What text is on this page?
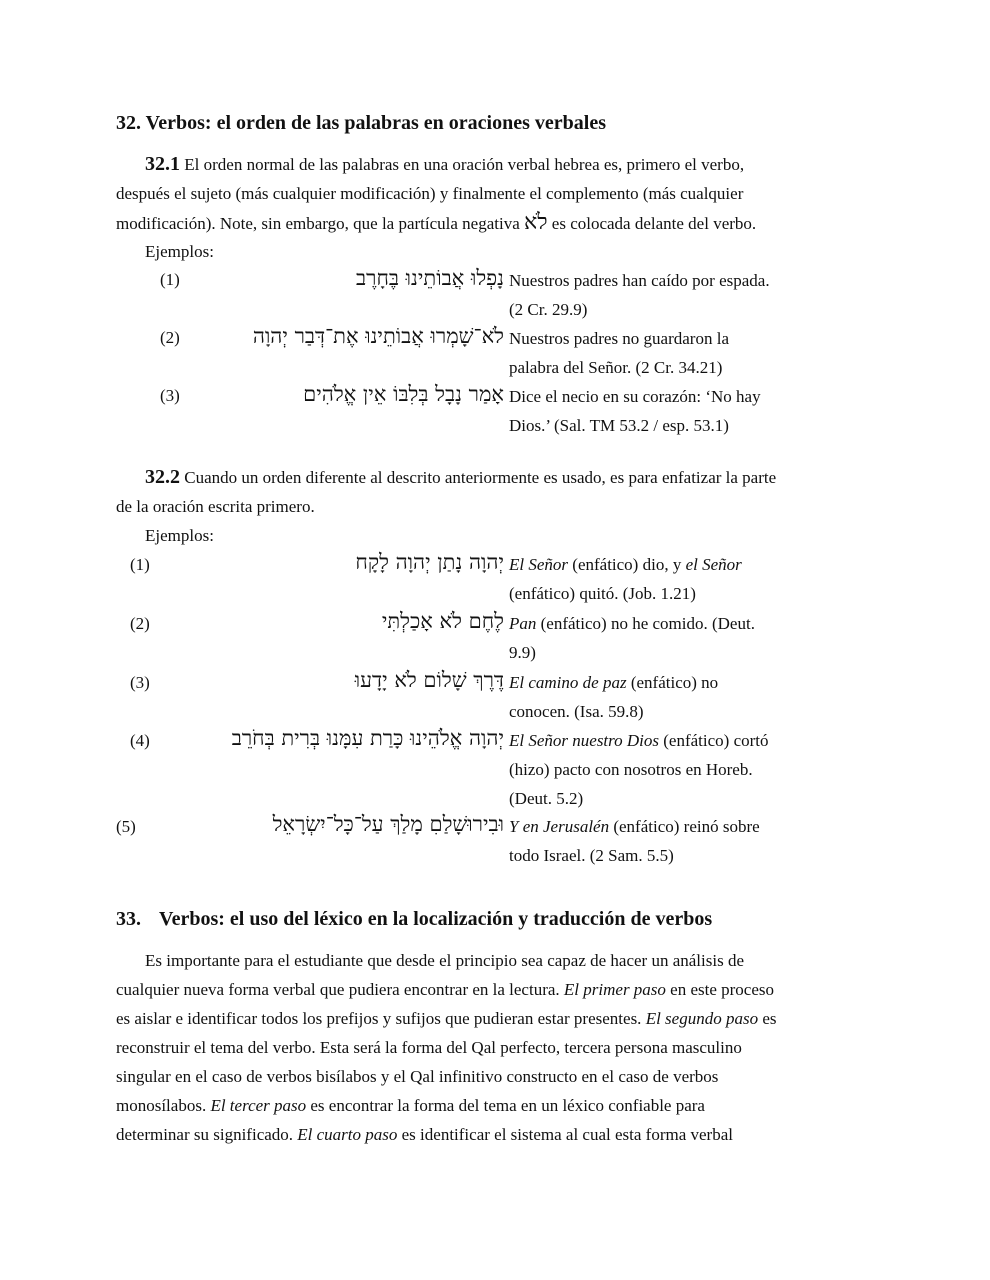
32. Verbos: el orden de las palabras en oraciones verbales
32.1 El orden normal de las palabras en una oración verbal hebrea es, primero el verbo,
después el sujeto (más cualquier modificación) y finalmente el complemento (más cualquier
modificación). Note, sin embargo, que la partícula negativa לֹא es colocada delante del verbo.
Ejemplos:
(1)	נָפְלוּ אֲבוֹתֵינוּ בֶּחָרֶב Nuestros padres han caído por espada.
(2 Cr. 29.9)
(2)	לֹא־שָׁמְרוּ אֲבוֹתֵינוּ אֶת־דְּבַר יְהוָה Nuestros padres no guardaron la
palabra del Señor. (2 Cr. 34.21)
(3)	אָמַר נָבָל בְּלִבּוֹ אֵין אֱלֹהִים Dice el necio en su corazón: ‘No hay
Dios.’ (Sal. TM 53.2 / esp. 53.1)
32.2 Cuando un orden diferente al descrito anteriormente es usado, es para enfatizar la parte
de la oración escrita primero.
Ejemplos:
(1)	יְהוָה נָתַן יְהוָה לָקָח El Señor (enfático) dio, y el Señor
(enfático) quitó. (Job. 1.21)
(2)	לֶחֶם לֹא אָכַלְתִּי Pan (enfático) no he comido. (Deut.
9.9)
(3)	דֶּרֶךְ שָׁלוֹם לֹא יָדָעוּ El camino de paz (enfático) no
conocen. (Isa. 59.8)
(4)	יְהוָה אֱלֹהֵינוּ כָּרַת עִמָּנוּ בְּרִית בְּחֹרֵב El Señor nuestro Dios (enfático) cortó
(hizo) pacto con nosotros en Horeb.
(Deut. 5.2)
(5)	וּבִירוּשָׁלַםִ מָלַךְ עַל־כָּל־יִשְׂרָאֵל Y en Jerusalén (enfático) reinó sobre
todo Israel. (2 Sam. 5.5)
33. Verbos: el uso del léxico en la localización y traducción de verbos
Es importante para el estudiante que desde el principio sea capaz de hacer un análisis de
cualquier nueva forma verbal que pudiera encontrar en la lectura. El primer paso en este proceso
es aislar e identificar todos los prefijos y sufijos que pudieran estar presentes. El segundo paso es
reconstruir el tema del verbo. Esta será la forma del Qal perfecto, tercera persona masculino
singular en el caso de verbos bisílabos y el Qal infinitivo constructo en el caso de verbos
monosílabos. El tercer paso es encontrar la forma del tema en un léxico confiable para
determinar su significado. El cuarto paso es identificar el sistema al cual esta forma verbal
